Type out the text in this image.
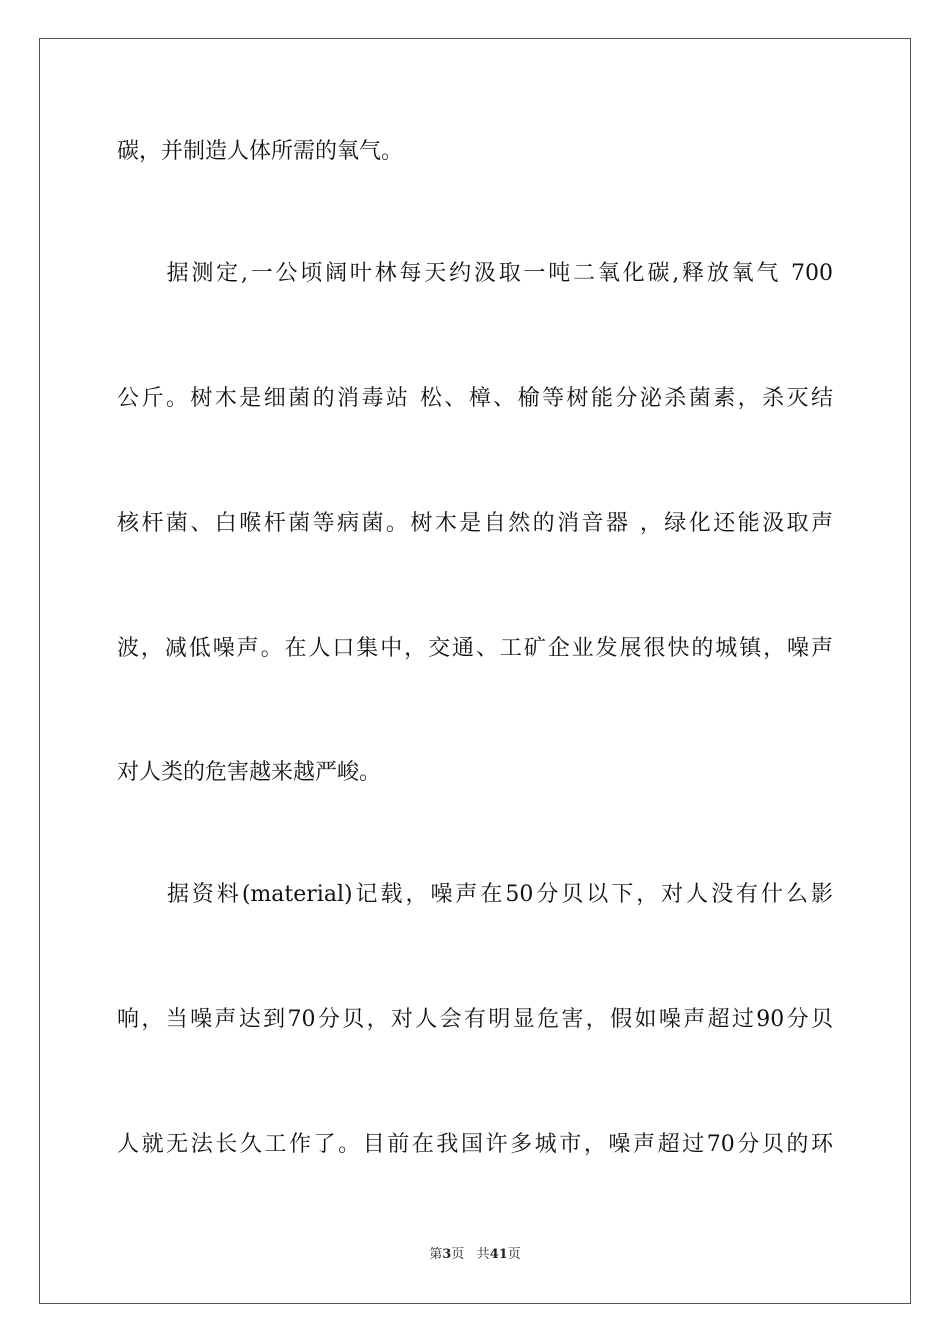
碳，并制造人体所需的氧气。
　　据测定,一公顷阔叶林每天约汲取一吨二氧化碳,释放氧气 700
公斤。树木是细菌的消毒站 松、樟、榆等树能分泌杀菌素，杀灭结
核杆菌、白喉杆菌等病菌。树木是自然的消音器 ，绿化还能汲取声
波，减低噪声。在人口集中，交通、工矿企业发展很快的城镇，噪声
对人类的危害越来越严峻。
　　据资料(material)记载，噪声在50分贝以下，对人没有什么影
响，当噪声达到70分贝，对人会有明显危害，假如噪声超过90分贝
人就无法长久工作了。目前在我国许多城市，噪声超过70分贝的环
第3页 共41页
